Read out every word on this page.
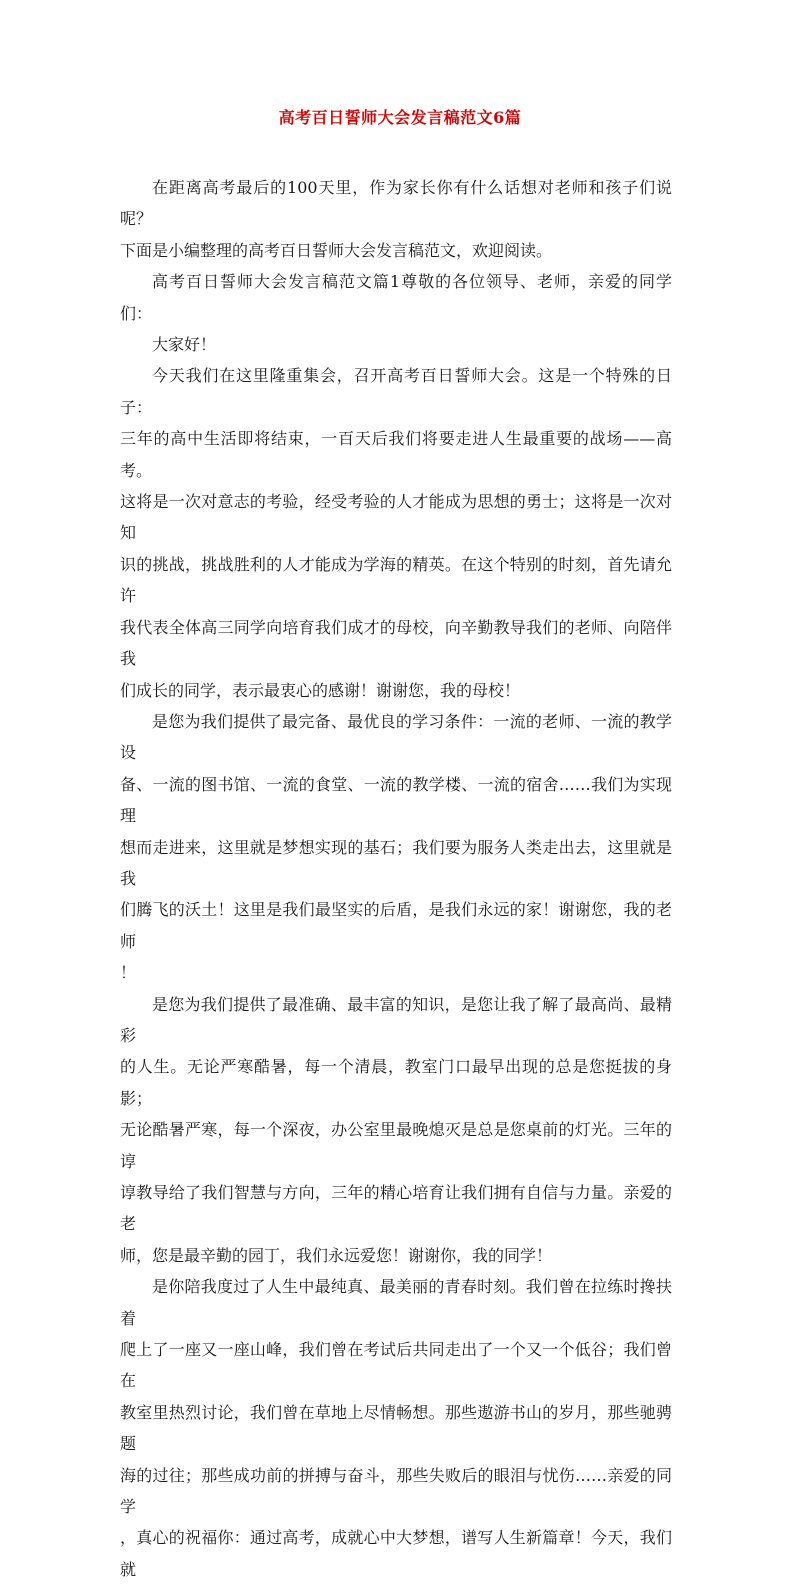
高考百日誓师大会发言稿范文6篇

在距离高考最后的100天里，作为家长你有什么话想对老师和孩子们说呢？
下面是小编整理的高考百日誓师大会发言稿范文，欢迎阅读。

高考百日誓师大会发言稿范文篇1尊敬的各位领导、老师，亲爱的同学们：

大家好！

今天我们在这里隆重集会，召开高考百日誓师大会。这是一个特殊的日子：
三年的高中生活即将结束，一百天后我们将要走进人生最重要的战场——高考。
这将是一次对意志的考验，经受考验的人才能成为思想的勇士；这将是一次对知
识的挑战，挑战胜利的人才能成为学海的精英。在这个特别的时刻，首先请允许
我代表全体高三同学向培育我们成才的母校，向辛勤教导我们的老师、向陪伴我
们成长的同学，表示最衷心的感谢！谢谢您，我的母校！

是您为我们提供了最完备、最优良的学习条件：一流的老师、一流的教学设
备、一流的图书馆、一流的食堂、一流的教学楼、一流的宿舍……我们为实现理
想而走进来，这里就是梦想实现的基石；我们要为服务人类走出去，这里就是我
们腾飞的沃土！这里是我们最坚实的后盾，是我们永远的家！谢谢您，我的老师
！

是您为我们提供了最准确、最丰富的知识，是您让我了解了最高尚、最精彩
的人生。无论严寒酷暑，每一个清晨，教室门口最早出现的总是您挺拔的身影；
无论酷暑严寒，每一个深夜，办公室里最晚熄灭是总是您桌前的灯光。三年的谆
谆教导给了我们智慧与方向，三年的精心培育让我们拥有自信与力量。亲爱的老
师，您是最辛勤的园丁，我们永远爱您！谢谢你，我的同学！

是你陪我度过了人生中最纯真、最美丽的青春时刻。我们曾在拉练时搀扶着
爬上了一座又一座山峰，我们曾在考试后共同走出了一个又一个低谷；我们曾在
教室里热烈讨论，我们曾在草地上尽情畅想。那些遨游书山的岁月，那些驰骋题
海的过往；那些成功前的拼搏与奋斗，那些失败后的眼泪与忧伤……亲爱的同学
，真心的祝福你：通过高考，成就心中大梦想，谱写人生新篇章！今天，我们就
